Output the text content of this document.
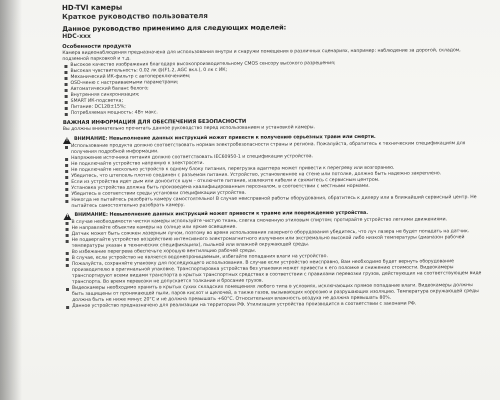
HD-TVI камеры
Краткое руководство пользователя
Данное руководство применимо для следующих моделей:
HDC-xxx
Особенности продукта
Камера видеонаблюдения предназначена для использования внутри и снаружи помещения в различных сценариях, например: наблюдение за дорогой, складом, подземной парковкой и т.д.
Высокое качество изображения благодаря высокопроизводительному CMOS сенсору высокого разрешения;
Высокая чувствительность: 0.02 лк @(F1.2, AGC вкл.), 0 лк с ИК;
Механический ИК-фильтр с автопереключением;
OSD-меню с настраиваемыми параметрами;
Автоматический баланс белого;
Внутренняя синхронизация;
SMART ИК-подсветка;
Питание: DC12В±15%;
Потребляемая мощность: 4Вт макс.
ВАЖНАЯ ИНФОРМАЦИЯ ДЛЯ ОБЕСПЕЧЕНИЯ БЕЗОПАСНОСТИ
Вы должны внимательно прочитать данное руководство перед использованием и установкой камеры.
! ВНИМАНИЕ: Невыполнение данных инструкций может привести к получению серьезных травм или смерти.
Использование продукта должно соответствовать нормам электробезопасности страны и региона. Пожалуйста, обратитесь к техническим спецификациям для получения подробной информации.
Напряжение источника питания должно соответствовать IEC60950-1 и спецификации устройства.
Не подключайте устройство напрямую к электросети.
Не подключайте несколько устройств к одному блоку питания, перегрузка адаптера может привести к перегреву или возгоранию.
Убедитесь, что штепсель плотно соединен с разъемом питания. Устройство, установленное на стене или потолке, должно быть надежно закреплено.
Если из устройства идет дым или доносится шум – отключите питание, извлеките кабели и свяжитесь с сервисным центром.
Установка устройства должна быть произведена квалифицированным персоналом, в соответствии с местными нормами.
Убедитесь в соответствии среды установки спецификации устройства.
Никогда не пытайтесь разобрать камеру самостоятельно! В случае неисправной работы оборудования, обратитесь к дилеру или в ближайший сервисный центр. Не пытайтесь самостоятельно разобрать камеру.
! ВНИМАНИЕ: Невыполнение данных инструкций может привести к травме или повреждению устройства.
В случае необходимости чистки камеры используйте чистую ткань, слегка смоченную этиловым спиртом; протирайте устройство легкими движениями.
Не направляйте объектив камеры на солнце или яркие освещение.
Датчик может быть сожжен лазерным лучом, поэтому во время использования лазерного оборудования убедитесь, что луч лазера не будет попадать на датчик.
Не подвергайте устройство воздействию интенсивного электромагнитного излучения или экстремально высокой либо низкой температуры (диапазон рабочей температуры указан в технических спецификациях), пыльной или влажной окружающей среды.
Во избежание перегрева обеспечьте хорошую вентиляцию рабочей среды.
В случае, если устройство не является водонепроницаемым, избегайте попадания влаги на устройство.
Пожалуйста, сохраняйте упаковку для последующего использования. В случае если устройство неисправно, Вам необходимо будет вернуть оборудование производителю в оригинальной упаковке. Транспортировка устройства без упаковки может привести к его поломке и снижению стоимости. Видеокамеры транспортируют всеми видами транспорта в крытых транспортных средствах в соответствии с правилами перевозки грузов, действующих на соответствующем виде транспорта. Во время перевозки не допускается толкание и бросание грузов.
Видеокамеры необходимо хранить в крытых сухих складских помещениях любого типа в условиях, исключающих прямое попадание влаги. Видеокамеры должны быть защищены от проникающей пыли, паров кислот и щелочей, а также газов, вызывающих коррозию и разрушающих изоляцию. Температура окружающей среды должна быть не ниже минус 20°С и не должна превышать +60°С. Относительная влажность воздуха не должна превышать 80%.
Данное устройство предназначено для реализации на территории РФ. Утилизация устройства производится в соответствии с законами РФ.
